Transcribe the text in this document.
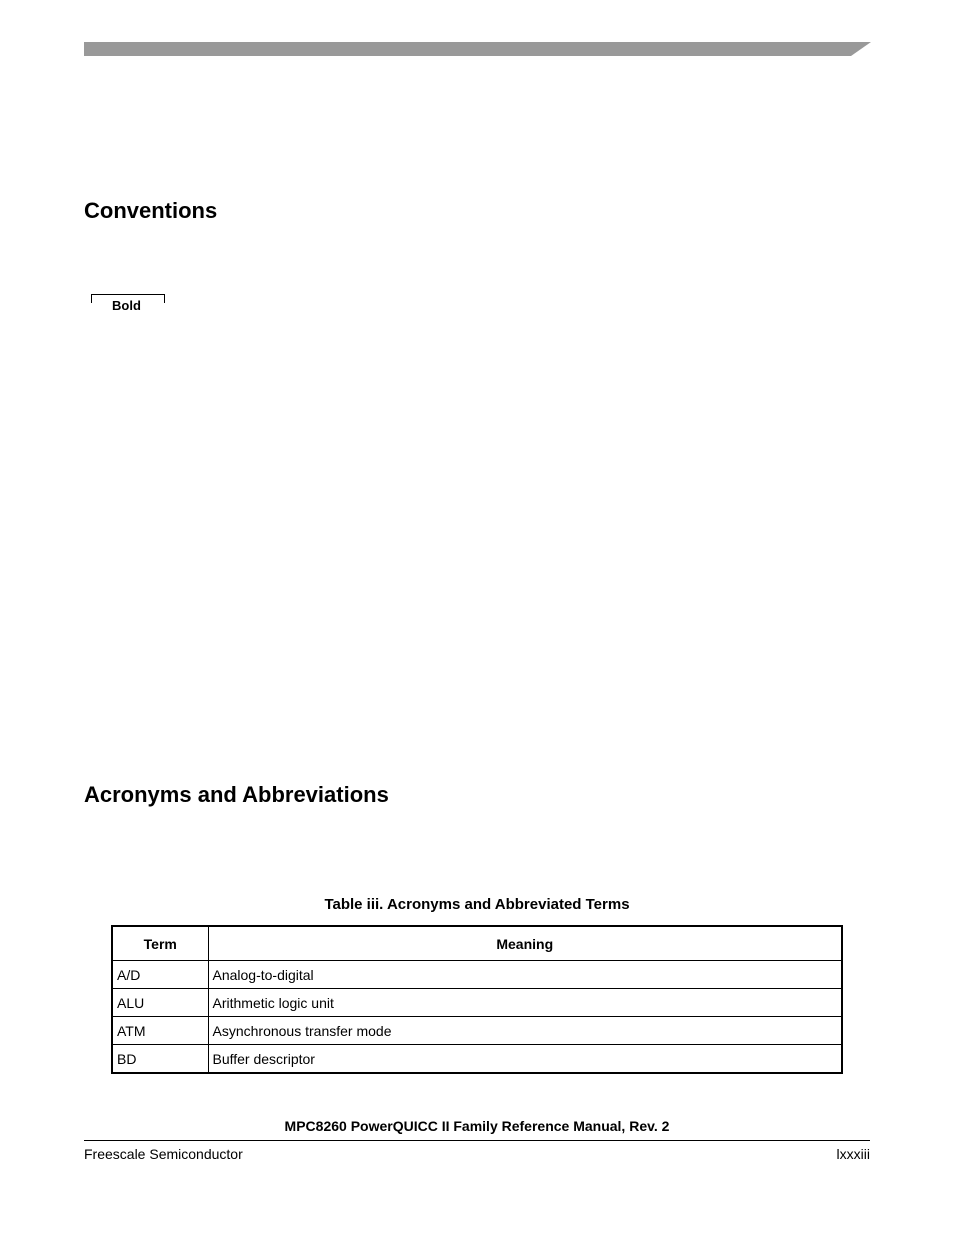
Conventions
Bold
Acronyms and Abbreviations
Table iii. Acronyms and Abbreviated Terms
Term	Meaning
A/D	Analog-to-digital
ALU	Arithmetic logic unit
ATM	Asynchronous transfer mode
BD	Buffer descriptor
MPC8260 PowerQUICC II Family Reference Manual, Rev. 2
Freescale Semiconductor	lxxxiii
